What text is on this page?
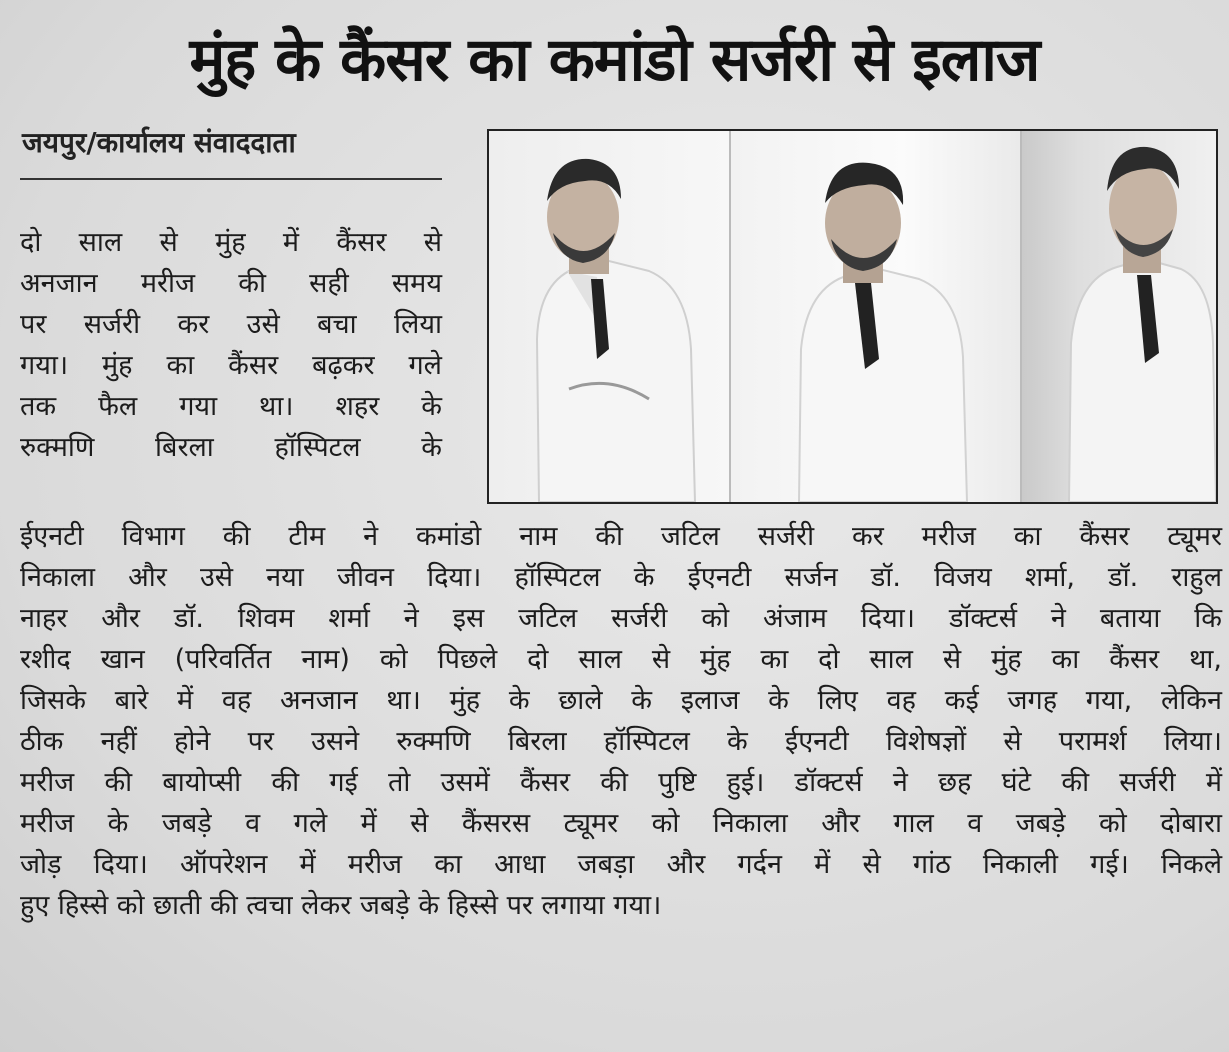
मुंह के कैंसर का कमांडो सर्जरी से इलाज
जयपुर/कार्यालय संवाददाता
दो साल से मुंह में कैंसर से
अनजान मरीज की सही समय
पर सर्जरी कर उसे बचा लिया
गया। मुंह का कैंसर बढ़कर गले
तक फैल गया था। शहर के
रुक्मणि बिरला हॉस्पिटल के
ईएनटी विभाग की टीम ने कमांडो नाम की जटिल सर्जरी कर मरीज का कैंसर ट्यूमर
निकाला और उसे नया जीवन दिया। हॉस्पिटल के ईएनटी सर्जन डॉ. विजय शर्मा, डॉ. राहुल
नाहर और डॉ. शिवम शर्मा ने इस जटिल सर्जरी को अंजाम दिया। डॉक्टर्स ने बताया कि
रशीद खान (परिवर्तित नाम) को पिछले दो साल से मुंह का दो साल से मुंह का कैंसर था,
जिसके बारे में वह अनजान था। मुंह के छाले के इलाज के लिए वह कई जगह गया, लेकिन
ठीक नहीं होने पर उसने रुक्मणि बिरला हॉस्पिटल के ईएनटी विशेषज्ञों से परामर्श लिया।
मरीज की बायोप्सी की गई तो उसमें कैंसर की पुष्टि हुई। डॉक्टर्स ने छह घंटे की सर्जरी में
मरीज के जबड़े व गले में से कैंसरस ट्यूमर को निकाला और गाल व जबड़े को दोबारा
जोड़ दिया। ऑपरेशन में मरीज का आधा जबड़ा और गर्दन में से गांठ निकाली गई। निकले
हुए हिस्से को छाती की त्वचा लेकर जबड़े के हिस्से पर लगाया गया।
